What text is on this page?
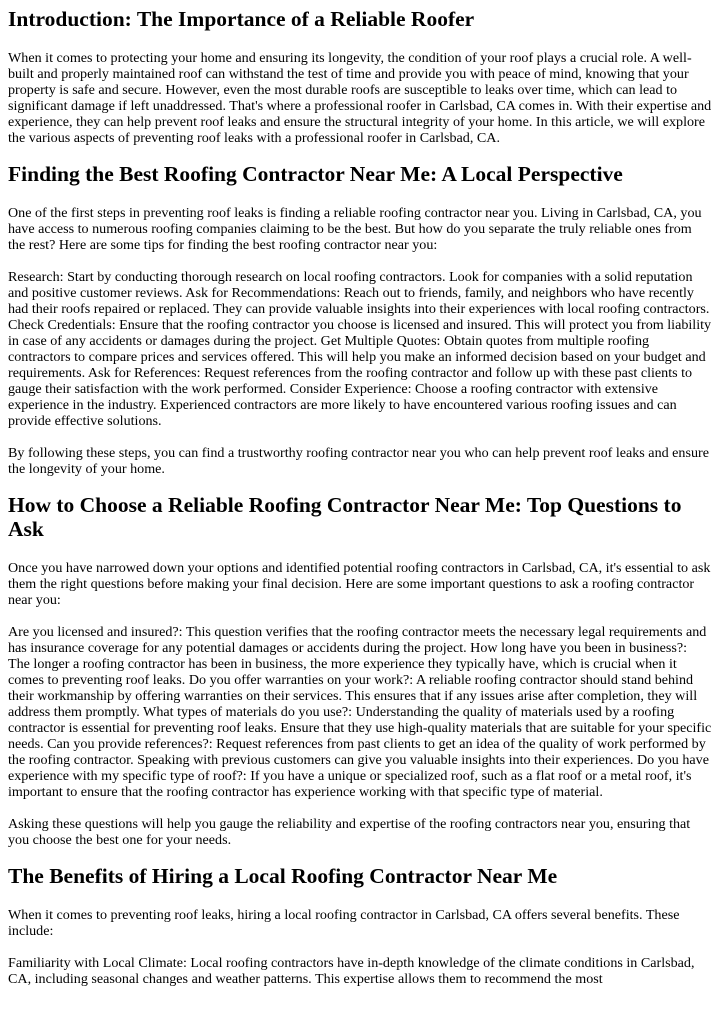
Introduction: The Importance of a Reliable Roofer

When it comes to protecting your home and ensuring its longevity, the condition of your roof plays a crucial role. A well-built and properly maintained roof can withstand the test of time and provide you with peace of mind, knowing that your property is safe and secure. However, even the most durable roofs are susceptible to leaks over time, which can lead to significant damage if left unaddressed. That's where a professional roofer in Carlsbad, CA comes in. With their expertise and experience, they can help prevent roof leaks and ensure the structural integrity of your home. In this article, we will explore the various aspects of preventing roof leaks with a professional roofer in Carlsbad, CA.

Finding the Best Roofing Contractor Near Me: A Local Perspective

One of the first steps in preventing roof leaks is finding a reliable roofing contractor near you. Living in Carlsbad, CA, you have access to numerous roofing companies claiming to be the best. But how do you separate the truly reliable ones from the rest? Here are some tips for finding the best roofing contractor near you:

Research: Start by conducting thorough research on local roofing contractors. Look for companies with a solid reputation and positive customer reviews. Ask for Recommendations: Reach out to friends, family, and neighbors who have recently had their roofs repaired or replaced. They can provide valuable insights into their experiences with local roofing contractors. Check Credentials: Ensure that the roofing contractor you choose is licensed and insured. This will protect you from liability in case of any accidents or damages during the project. Get Multiple Quotes: Obtain quotes from multiple roofing contractors to compare prices and services offered. This will help you make an informed decision based on your budget and requirements. Ask for References: Request references from the roofing contractor and follow up with these past clients to gauge their satisfaction with the work performed. Consider Experience: Choose a roofing contractor with extensive experience in the industry. Experienced contractors are more likely to have encountered various roofing issues and can provide effective solutions.

By following these steps, you can find a trustworthy roofing contractor near you who can help prevent roof leaks and ensure the longevity of your home.

How to Choose a Reliable Roofing Contractor Near Me: Top Questions to Ask

Once you have narrowed down your options and identified potential roofing contractors in Carlsbad, CA, it's essential to ask them the right questions before making your final decision. Here are some important questions to ask a roofing contractor near you:

Are you licensed and insured?: This question verifies that the roofing contractor meets the necessary legal requirements and has insurance coverage for any potential damages or accidents during the project. How long have you been in business?: The longer a roofing contractor has been in business, the more experience they typically have, which is crucial when it comes to preventing roof leaks. Do you offer warranties on your work?: A reliable roofing contractor should stand behind their workmanship by offering warranties on their services. This ensures that if any issues arise after completion, they will address them promptly. What types of materials do you use?: Understanding the quality of materials used by a roofing contractor is essential for preventing roof leaks. Ensure that they use high-quality materials that are suitable for your specific needs. Can you provide references?: Request references from past clients to get an idea of the quality of work performed by the roofing contractor. Speaking with previous customers can give you valuable insights into their experiences. Do you have experience with my specific type of roof?: If you have a unique or specialized roof, such as a flat roof or a metal roof, it's important to ensure that the roofing contractor has experience working with that specific type of material.

Asking these questions will help you gauge the reliability and expertise of the roofing contractors near you, ensuring that you choose the best one for your needs.

The Benefits of Hiring a Local Roofing Contractor Near Me

When it comes to preventing roof leaks, hiring a local roofing contractor in Carlsbad, CA offers several benefits. These include:

Familiarity with Local Climate: Local roofing contractors have in-depth knowledge of the climate conditions in Carlsbad, CA, including seasonal changes and weather patterns. This expertise allows them to recommend the most
